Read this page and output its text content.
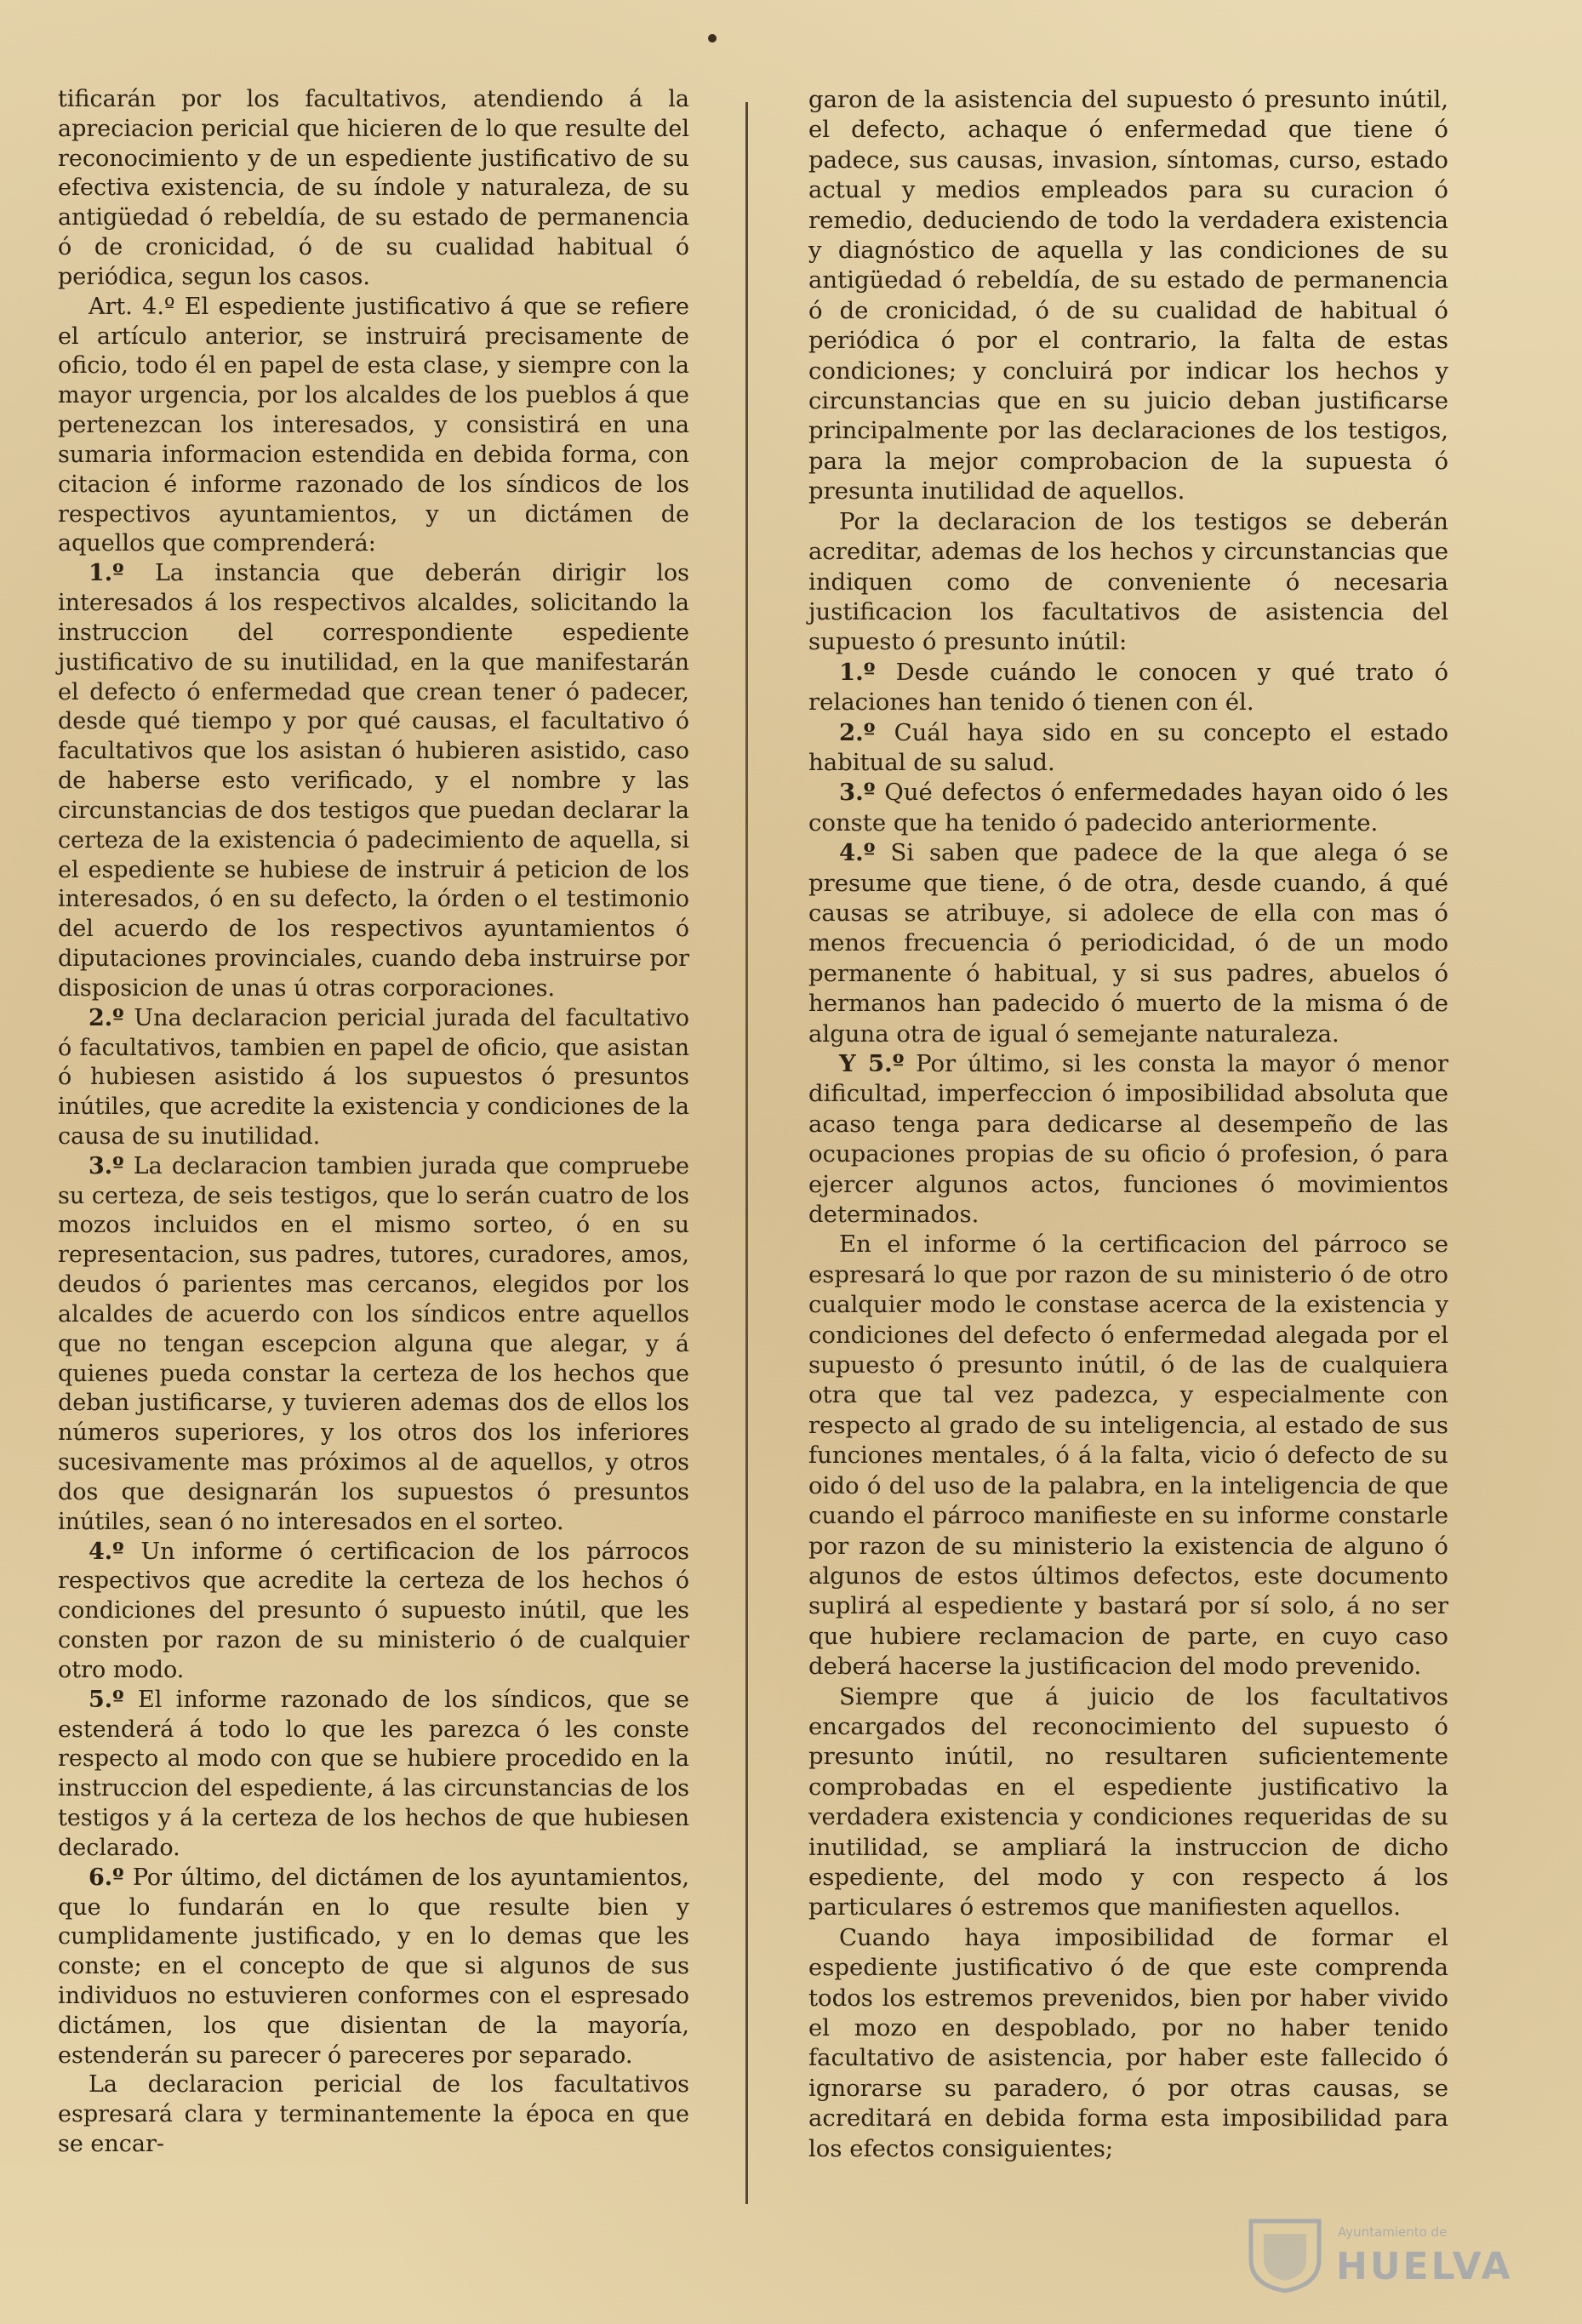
tificarán por los facultativos, atendiendo á la apreciacion pericial que hicieren de lo que resulte del reconocimiento y de un espediente justificativo de su efectiva existencia, de su índole y naturaleza, de su antigüedad ó rebeldía, de su estado de permanencia ó de cronicidad, ó de su cualidad habitual ó periódica, segun los casos.

Art. 4.º El espediente justificativo á que se refiere el artículo anterior, se instruirá precisamente de oficio, todo él en papel de esta clase, y siempre con la mayor urgencia, por los alcaldes de los pueblos á que pertenezcan los interesados, y consistirá en una sumaria informacion estendida en debida forma, con citacion é informe razonado de los síndicos de los respectivos ayuntamientos, y un dictámen de aquellos que comprenderá:

1.º La instancia que deberán dirigir los interesados á los respectivos alcaldes, solicitando la instruccion del correspondiente espediente justificativo de su inutilidad, en la que manifestarán el defecto ó enfermedad que crean tener ó padecer, desde qué tiempo y por qué causas, el facultativo ó facultativos que los asistan ó hubieren asistido, caso de haberse esto verificado, y el nombre y las circunstancias de dos testigos que puedan declarar la certeza de la existencia ó padecimiento de aquella, si el espediente se hubiese de instruir á peticion de los interesados, ó en su defecto, la órden o el testimonio del acuerdo de los respectivos ayuntamientos ó diputaciones provinciales, cuando deba instruirse por disposicion de unas ú otras corporaciones.

2.º Una declaracion pericial jurada del facultativo ó facultativos, tambien en papel de oficio, que asistan ó hubiesen asistido á los supuestos ó presuntos inútiles, que acredite la existencia y condiciones de la causa de su inutilidad.

3.º La declaracion tambien jurada que compruebe su certeza, de seis testigos, que lo serán cuatro de los mozos incluidos en el mismo sorteo, ó en su representacion, sus padres, tutores, curadores, amos, deudos ó parientes mas cercanos, elegidos por los alcaldes de acuerdo con los síndicos entre aquellos que no tengan escepcion alguna que alegar, y á quienes pueda constar la certeza de los hechos que deban justificarse, y tuvieren ademas dos de ellos los números superiores, y los otros dos los inferiores sucesivamente mas próximos al de aquellos, y otros dos que designarán los supuestos ó presuntos inútiles, sean ó no interesados en el sorteo.

4.º Un informe ó certificacion de los párrocos respectivos que acredite la certeza de los hechos ó condiciones del presunto ó supuesto inútil, que les consten por razon de su ministerio ó de cualquier otro modo.

5.º El informe razonado de los síndicos, que se estenderá á todo lo que les parezca ó les conste respecto al modo con que se hubiere procedido en la instruccion del espediente, á las circunstancias de los testigos y á la certeza de los hechos de que hubiesen declarado.

6.º Por último, del dictámen de los ayuntamientos, que lo fundarán en lo que resulte bien y cumplidamente justificado, y en lo demas que les conste; en el concepto de que si algunos de sus individuos no estuvieren conformes con el espresado dictámen, los que disientan de la mayoría, estenderán su parecer ó pareceres por separado.

La declaracion pericial de los facultativos espresará clara y terminantemente la época en que se encar-

garon de la asistencia del supuesto ó presunto inútil, el defecto, achaque ó enfermedad que tiene ó padece, sus causas, invasion, síntomas, curso, estado actual y medios empleados para su curacion ó remedio, deduciendo de todo la verdadera existencia y diagnóstico de aquella y las condiciones de su antigüedad ó rebeldía, de su estado de permanencia ó de cronicidad, ó de su cualidad de habitual ó periódica ó por el contrario, la falta de estas condiciones; y concluirá por indicar los hechos y circunstancias que en su juicio deban justificarse principalmente por las declaraciones de los testigos, para la mejor comprobacion de la supuesta ó presunta inutilidad de aquellos.

Por la declaracion de los testigos se deberán acreditar, ademas de los hechos y circunstancias que indiquen como de conveniente ó necesaria justificacion los facultativos de asistencia del supuesto ó presunto inútil:

1.º Desde cuándo le conocen y qué trato ó relaciones han tenido ó tienen con él.

2.º Cuál haya sido en su concepto el estado habitual de su salud.

3.º Qué defectos ó enfermedades hayan oido ó les conste que ha tenido ó padecido anteriormente.

4.º Si saben que padece de la que alega ó se presume que tiene, ó de otra, desde cuando, á qué causas se atribuye, si adolece de ella con mas ó menos frecuencia ó periodicidad, ó de un modo permanente ó habitual, y si sus padres, abuelos ó hermanos han padecido ó muerto de la misma ó de alguna otra de igual ó semejante naturaleza.

Y 5.º Por último, si les consta la mayor ó menor dificultad, imperfeccion ó imposibilidad absoluta que acaso tenga para dedicarse al desempeño de las ocupaciones propias de su oficio ó profesion, ó para ejercer algunos actos, funciones ó movimientos determinados.

En el informe ó la certificacion del párroco se espresará lo que por razon de su ministerio ó de otro cualquier modo le constase acerca de la existencia y condiciones del defecto ó enfermedad alegada por el supuesto ó presunto inútil, ó de las de cualquiera otra que tal vez padezca, y especialmente con respecto al grado de su inteligencia, al estado de sus funciones mentales, ó á la falta, vicio ó defecto de su oido ó del uso de la palabra, en la inteligencia de que cuando el párroco manifieste en su informe constarle por razon de su ministerio la existencia de alguno ó algunos de estos últimos defectos, este documento suplirá al espediente y bastará por sí solo, á no ser que hubiere reclamacion de parte, en cuyo caso deberá hacerse la justificacion del modo prevenido.

Siempre que á juicio de los facultativos encargados del reconocimiento del supuesto ó presunto inútil, no resultaren suficientemente comprobadas en el espediente justificativo la verdadera existencia y condiciones requeridas de su inutilidad, se ampliará la instruccion de dicho espediente, del modo y con respecto á los particulares ó estremos que manifiesten aquellos.

Cuando haya imposibilidad de formar el espediente justificativo ó de que este comprenda todos los estremos prevenidos, bien por haber vivido el mozo en despoblado, por no haber tenido facultativo de asistencia, por haber este fallecido ó ignorarse su paradero, ó por otras causas, se acreditará en debida forma esta imposibilidad para los efectos consiguientes;

Ayuntamiento de
HUELVA
